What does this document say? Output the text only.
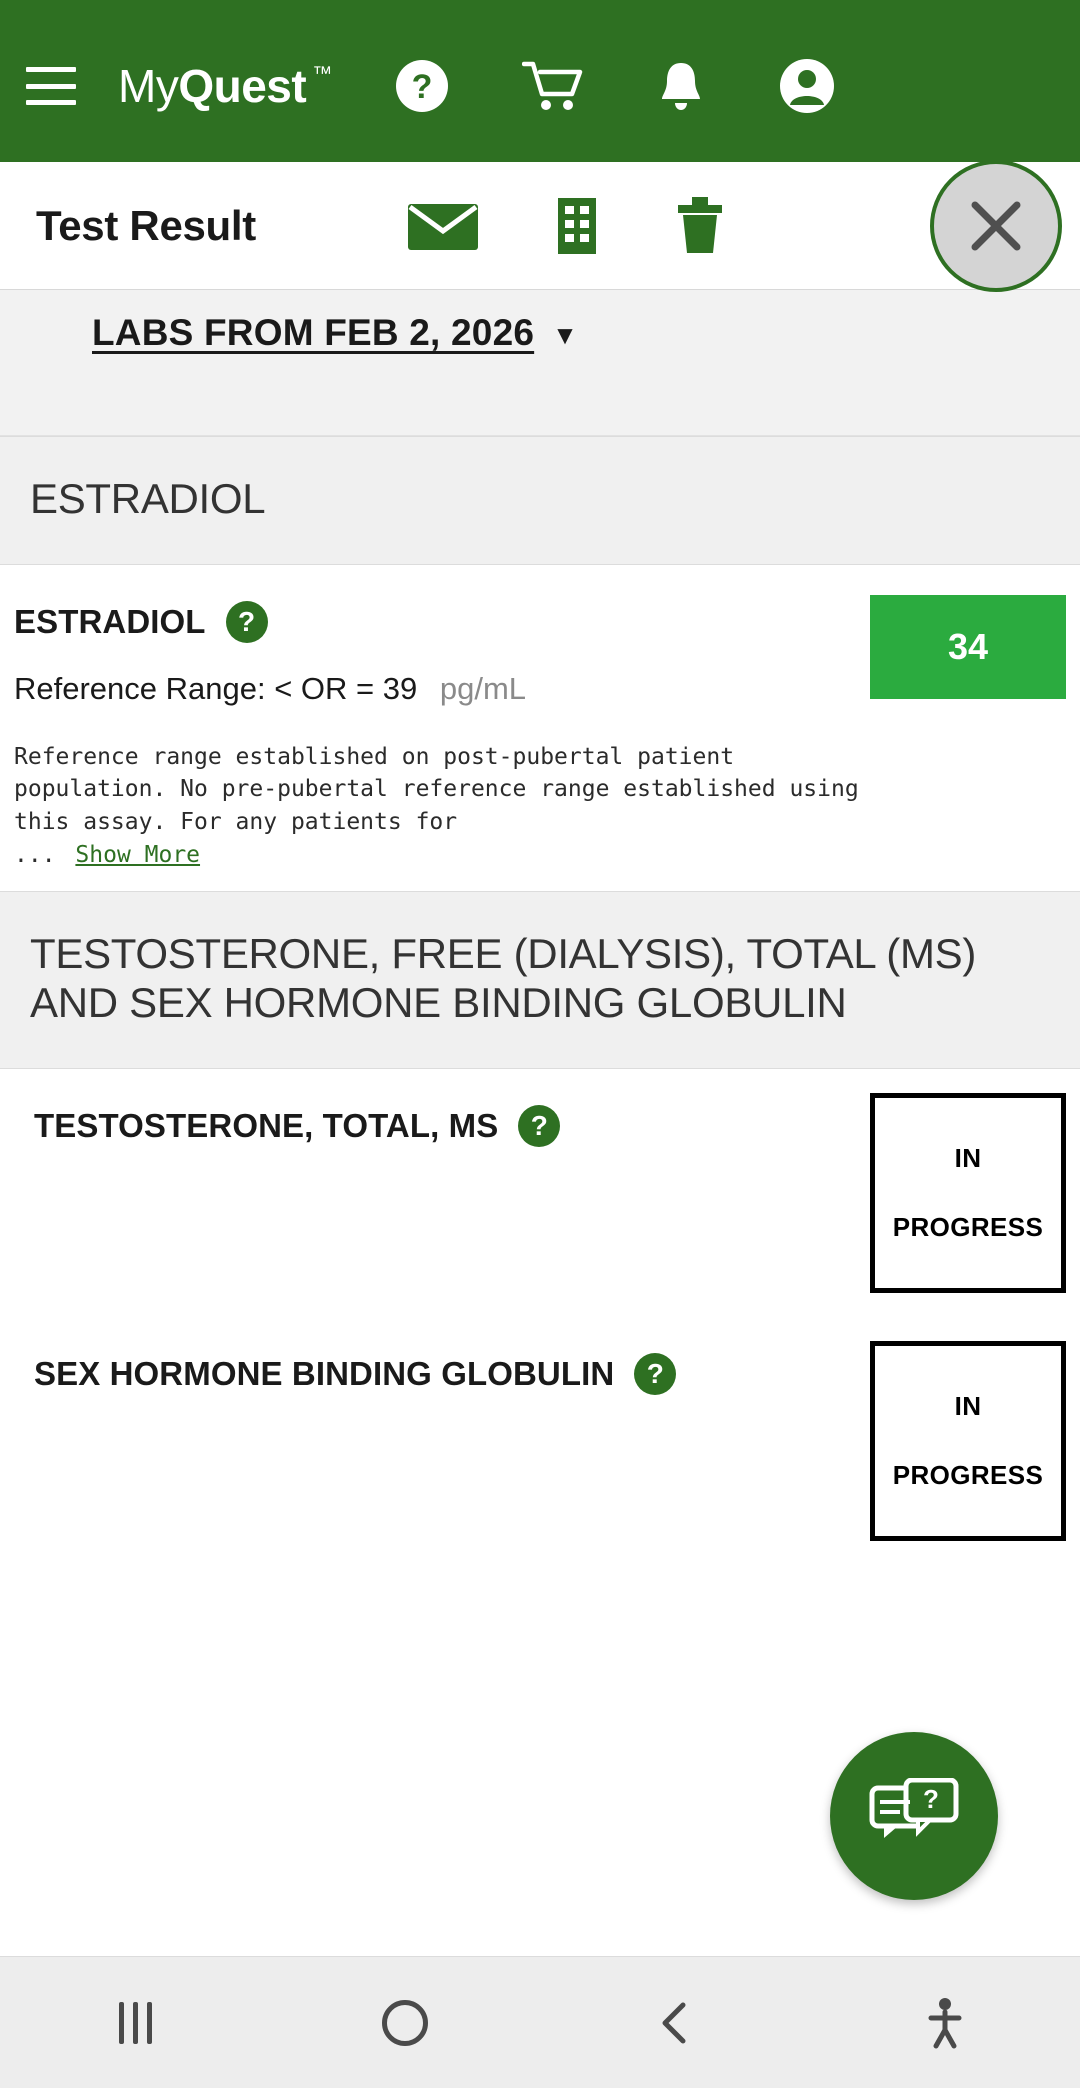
My Quest ™ ?
Test Result
LABS FROM FEB 2, 2026 ▼
ESTRADIOL
ESTRADIOL	?
Reference Range: < OR = 39 pg/mL
Reference range established on post-pubertal patient population. No pre-pubertal reference range established using this assay. For any patients for
... Show More
34
TESTOSTERONE, FREE (DIALYSIS), TOTAL (MS) AND SEX HORMONE BINDING GLOBULIN
TESTOSTERONE, TOTAL, MS	?
IN
PROGRESS
SEX HORMONE BINDING GLOBULIN	?
IN
PROGRESS
?
